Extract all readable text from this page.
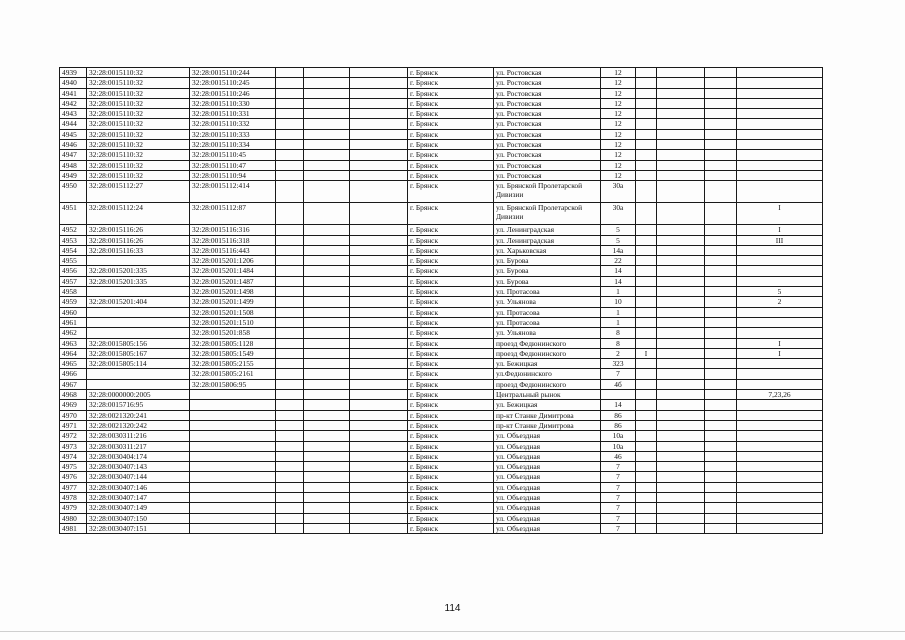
4939	32:28:0015110:32	32:28:0015110:244				г. Брянск	ул. Ростовская	12				
4940	32:28:0015110:32	32:28:0015110:245				г. Брянск	ул. Ростовская	12				
4941	32:28:0015110:32	32:28:0015110:246				г. Брянск	ул. Ростовская	12				
4942	32:28:0015110:32	32:28:0015110:330				г. Брянск	ул. Ростовская	12				
4943	32:28:0015110:32	32:28:0015110:331				г. Брянск	ул. Ростовская	12				
4944	32:28:0015110:32	32:28:0015110:332				г. Брянск	ул. Ростовская	12				
4945	32:28:0015110:32	32:28:0015110:333				г. Брянск	ул. Ростовская	12				
4946	32:28:0015110:32	32:28:0015110:334				г. Брянск	ул. Ростовская	12				
4947	32:28:0015110:32	32:28:0015110:45				г. Брянск	ул. Ростовская	12				
4948	32:28:0015110:32	32:28:0015110:47				г. Брянск	ул. Ростовская	12				
4949	32:28:0015110:32	32:28:0015110:94				г. Брянск	ул. Ростовская	12				
4950	32:28:0015112:27	32:28:0015112:414				г. Брянск	ул. Брянской Пролетарской Дивизии	30а				
4951	32:28:0015112:24	32:28:0015112:87				г. Брянск	ул. Брянской Пролетарской Дивизии	30а				I
4952	32:28:0015116:26	32:28:0015116:316				г. Брянск	ул. Ленинградская	5				I
4953	32:28:0015116:26	32:28:0015116:318				г. Брянск	ул. Ленинградская	5				III
4954	32:28:0015116:33	32:28:0015116:443				г. Брянск	ул. Харьковская	14а				
4955		32:28:0015201:1206				г. Брянск	ул. Бурова	22				
4956	32:28:0015201:335	32:28:0015201:1484				г. Брянск	ул. Бурова	14				
4957	32:28:0015201:335	32:28:0015201:1487				г. Брянск	ул. Бурова	14				
4958		32:28:0015201:1498				г. Брянск	ул. Протасова	1				5
4959	32:28:0015201:404	32:28:0015201:1499				г. Брянск	ул. Ульянова	10				2
4960		32:28:0015201:1508				г. Брянск	ул. Протасова	1				
4961		32:28:0015201:1510				г. Брянск	ул. Протасова	1				
4962		32:28:0015201:858				г. Брянск	ул. Ульянова	8				
4963	32:28:0015805:156	32:28:0015805:1128				г. Брянск	проезд Федюнинского	8				I
4964	32:28:0015805:167	32:28:0015805:1549				г. Брянск	проезд Федюнинского	2	I			I
4965	32:28:0015805:114	32:28:0015805:2155				г. Брянск	ул. Бежицкая	323				
4966		32:28:0015805:2161				г. Брянск	ул.Федюнинского	7				
4967		32:28:0015806:95				г. Брянск	проезд Федюнинского	4б				
4968	32:28:0000000:2005					г. Брянск	Центральный рынок					7,23,26
4969	32:28:0015716:95					г. Брянск	ул. Бежицкая	14				
4970	32:28:0021320:241					г. Брянск	пр-кт Станке Димитрова	86				
4971	32:28:0021320:242					г. Брянск	пр-кт Станке Димитрова	86				
4972	32:28:0030311:216					г. Брянск	ул. Объездная	10а				
4973	32:28:0030311:217					г. Брянск	ул. Объездная	10а				
4974	32:28:0030404:174					г. Брянск	ул. Объездная	46				
4975	32:28:0030407:143					г. Брянск	ул. Объездная	7				
4976	32:28:0030407:144					г. Брянск	ул. Объездная	7				
4977	32:28:0030407:146					г. Брянск	ул. Объездная	7				
4978	32:28:0030407:147					г. Брянск	ул. Объездная	7				
4979	32:28:0030407:149					г. Брянск	ул. Объездная	7				
4980	32:28:0030407:150					г. Брянск	ул. Объездная	7				
4981	32:28:0030407:151					г. Брянск	ул. Объездная	7				
114
